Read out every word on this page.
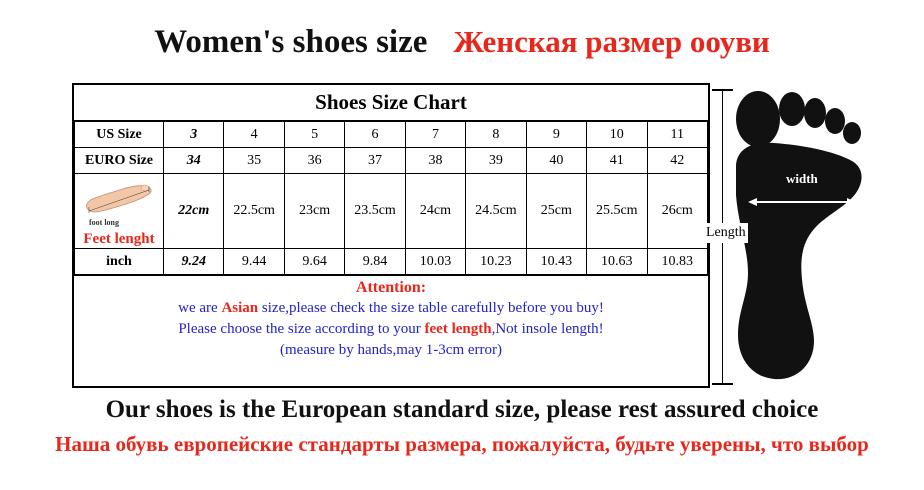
Women's shoes size Женская размер ооуви
Shoes Size Chart
US Size	3	4	5	6	7	8	9	10	11
EURO Size	34	35	36	37	38	39	40	41	42

foot long
Feet lenght	22cm	22.5cm	23cm	23.5cm	24cm	24.5cm	25cm	25.5cm	26cm
inch	9.24	9.44	9.64	9.84	10.03	10.23	10.43	10.63	10.83
Attention:
we are Asian size,please check the size table carefully before you buy!
Please choose the size according to your feet length,Not insole length!
(measure by hands,may 1-3cm error)
Length
width
Our shoes is the European standard size, please rest assured choice
Наша обувь европейские стандарты размера, пожалуйста, будьте уверены, что выбор
